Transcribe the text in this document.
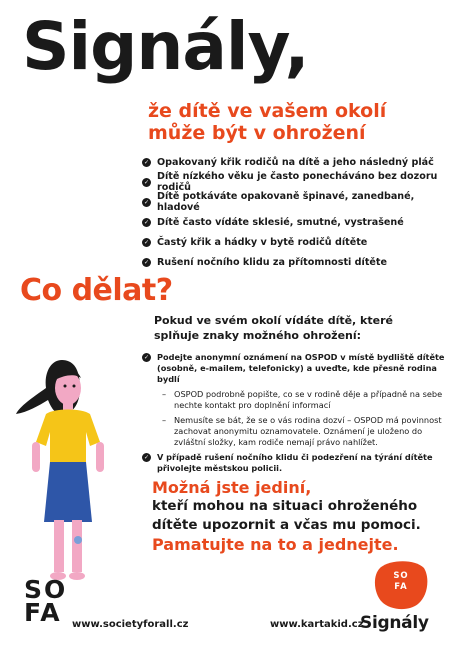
Signály,
že dítě ve vašem okolí může být v ohrožení
✓ Opakovaný křik rodičů na dítě a jeho následný pláč
✓ Dítě nízkého věku je často ponecháváno bez dozoru rodičů
✓ Dítě potkáváte opakovaně špinavé, zanedbané, hladové
✓ Dítě často vídáte sklesié, smutné, vystrašené
✓ Častý křik a hádky v bytě rodičů dítěte
✓ Rušení nočního klidu za přítomnosti dítěte
Co dělat?
Pokud ve svém okolí vídáte dítě, které splňuje znaky možného ohrožení:
✓ Podejte anonymní oznámení na OSPOD v místě bydliště dítěte (osobně, e-mailem, telefonicky) a uveďte, kde přesně rodina bydlí
– OSPOD podrobně popište, co se v rodině děje a případně na sebe nechte kontakt pro doplnění informací
– Nemusíte se bát, že se o vás rodina dozví – OSPOD má povinnost zachovat anonymitu oznamovatele. Oznámení je uloženo do zvláštní složky, kam rodiče nemají právo nahlížet.
✓ V případě rušení nočního klidu či podezření na týrání dítěte přivolejte městskou policii.
Možná jste jediní,
kteří mohou na situaci ohroženého dítěte upozornit a včas mu pomoci.
Pamatujte na to a jednejte.
SO
FA	www.societyforall.cz	www.kartakid.cz
SO
FA
Signály
